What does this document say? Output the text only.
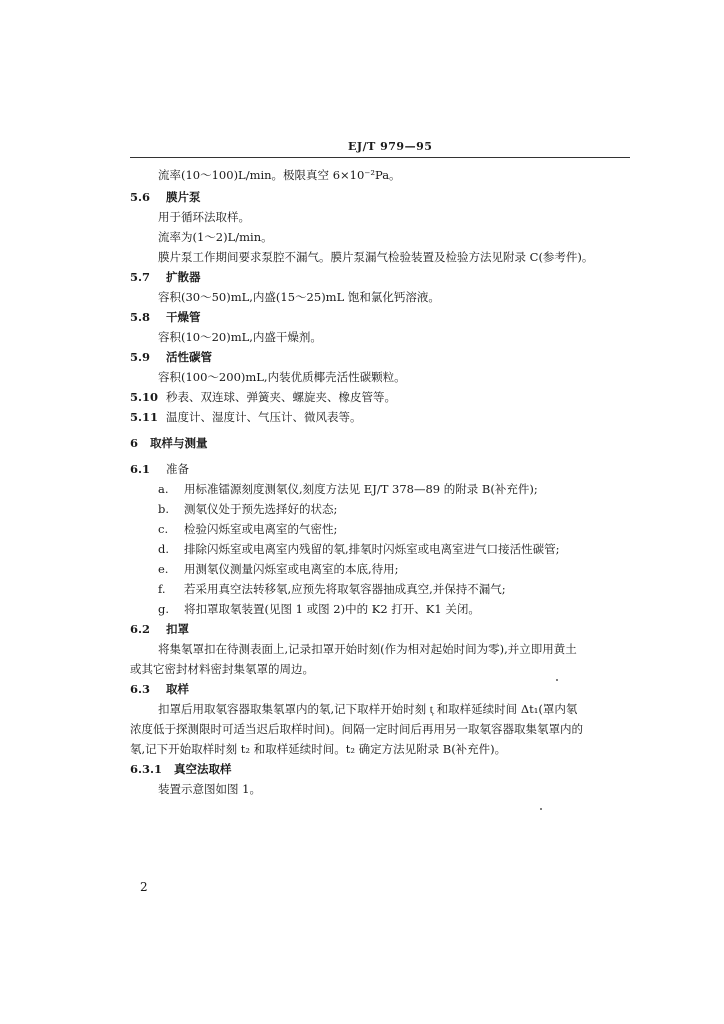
EJ/T 979—95
流率(10～100)L/min。极限真空 6×10⁻²Pa。
5.6 膜片泵
用于循环法取样。
流率为(1～2)L/min。
膜片泵工作期间要求泵腔不漏气。膜片泵漏气检验装置及检验方法见附录 C(参考件)。
5.7 扩散器
容积(30～50)mL,内盛(15～25)mL 饱和氯化钙溶液。
5.8 干燥管
容积(10～20)mL,内盛干燥剂。
5.9 活性碳管
容积(100～200)mL,内装优质椰壳活性碳颗粒。
5.10 秒表、双连球、弹簧夹、螺旋夹、橡皮管等。
5.11 温度计、湿度计、气压计、微风表等。
6 取样与测量
6.1 准备
a. 用标准镭源刻度测氡仪,刻度方法见 EJ/T 378—89 的附录 B(补充件);
b. 测氡仪处于预先选择好的状态;
c. 检验闪烁室或电离室的气密性;
d. 排除闪烁室或电离室内残留的氡,排氡时闪烁室或电离室进气口接活性碳管;
e. 用测氡仪测量闪烁室或电离室的本底,待用;
f. 若采用真空法转移氡,应预先将取氡容器抽成真空,并保持不漏气;
g. 将扣罩取氡装置(见图 1 或图 2)中的 K2 打开、K1 关闭。
6.2 扣罩
将集氡罩扣在待测表面上,记录扣罩开始时刻(作为相对起始时间为零),并立即用黄土
或其它密封材料密封集氡罩的周边。
6.3 取样
扣罩后用取氡容器取集氡罩内的氡,记下取样开始时刻 t᷊ 和取样延续时间 Δt₁(罩内氡
浓度低于探测限时可适当迟后取样时间)。间隔一定时间后再用另一取氡容器取集氡罩内的
氡,记下开始取样时刻 t₂ 和取样延续时间。t₂ 确定方法见附录 B(补充件)。
6.3.1 真空法取样
装置示意图如图 1。
2
